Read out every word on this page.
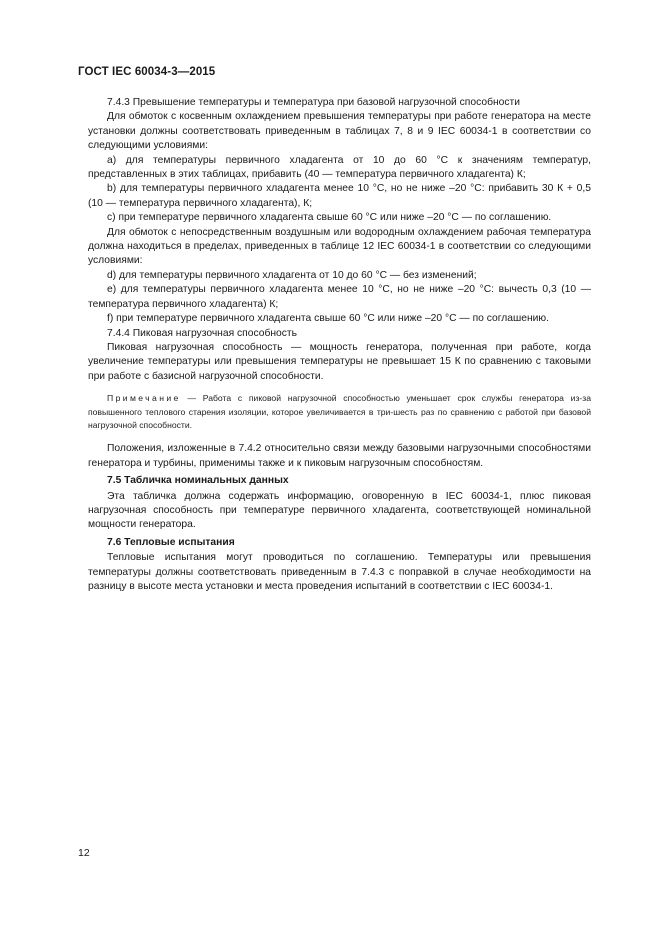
ГОСТ IEC 60034-3—2015

7.4.3 Превышение температуры и температура при базовой нагрузочной способности

Для обмоток с косвенным охлаждением превышения температуры при работе генератора на месте установки должны соответствовать приведенным в таблицах 7, 8 и 9 IEC 60034-1 в соответствии со следующими условиями:

a) для температуры первичного хладагента от 10 до 60 °С к значениям температур, представленных в этих таблицах, прибавить (40 — температура первичного хладагента) К;

b) для температуры первичного хладагента менее 10 °С, но не ниже –20 °С: прибавить 30 К + 0,5 (10 — температура первичного хладагента), К;

c) при температуре первичного хладагента свыше 60 °С или ниже –20 °С — по соглашению.

Для обмоток с непосредственным воздушным или водородным охлаждением рабочая температура должна находиться в пределах, приведенных в таблице 12 IEC 60034-1 в соответствии со следующими условиями:

d) для температуры первичного хладагента от 10 до 60 °С — без изменений;

e) для температуры первичного хладагента менее 10 °С, но не ниже –20 °С: вычесть 0,3 (10 — температура первичного хладагента) К;

f) при температуре первичного хладагента свыше 60 °С или ниже –20 °С — по соглашению.

7.4.4 Пиковая нагрузочная способность

Пиковая нагрузочная способность — мощность генератора, полученная при работе, когда увеличение температуры или превышения температуры не превышает 15 К по сравнению с таковыми при работе с базисной нагрузочной способности.

Примечание — Работа с пиковой нагрузочной способностью уменьшает срок службы генератора из-за повышенного теплового старения изоляции, которое увеличивается в три-шесть раз по сравнению с работой при базовой нагрузочной способности.

Положения, изложенные в 7.4.2 относительно связи между базовыми нагрузочными способностями генератора и турбины, применимы также и к пиковым нагрузочным способностям.

7.5 Табличка номинальных данных

Эта табличка должна содержать информацию, оговоренную в IEC 60034-1, плюс пиковая нагрузочная способность при температуре первичного хладагента, соответствующей номинальной мощности генератора.

7.6 Тепловые испытания

Тепловые испытания могут проводиться по соглашению. Температуры или превышения температуры должны соответствовать приведенным в 7.4.3 с поправкой в случае необходимости на разницу в высоте места установки и места проведения испытаний в соответствии с IEC 60034-1.

12
